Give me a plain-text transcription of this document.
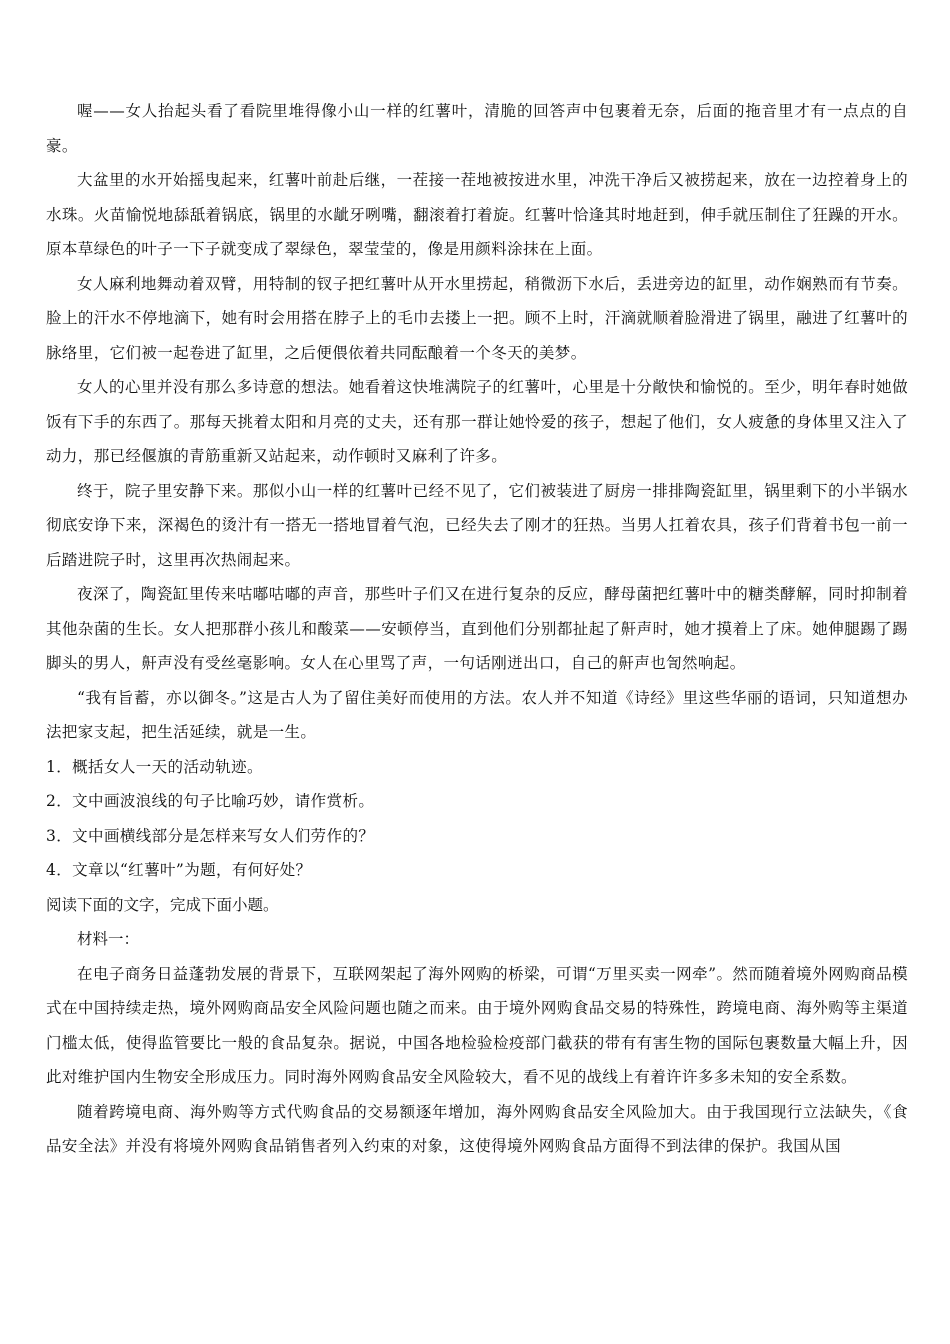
喔——女人抬起头看了看院里堆得像小山一样的红薯叶，清脆的回答声中包裹着无奈，后面的拖音里才有一点点的自豪。

大盆里的水开始摇曳起来，红薯叶前赴后继，一茬接一茬地被按进水里，冲洗干净后又被捞起来，放在一边控着身上的水珠。火苗愉悦地舔舐着锅底，锅里的水龇牙咧嘴，翻滚着打着旋。红薯叶恰逢其时地赶到，伸手就压制住了狂躁的开水。原本草绿色的叶子一下子就变成了翠绿色，翠莹莹的，像是用颜料涂抹在上面。

女人麻利地舞动着双臂，用特制的钗子把红薯叶从开水里捞起，稍微沥下水后，丢进旁边的缸里，动作娴熟而有节奏。脸上的汗水不停地滴下，她有时会用搭在脖子上的毛巾去搂上一把。顾不上时，汗滴就顺着脸滑进了锅里，融进了红薯叶的脉络里，它们被一起卷进了缸里，之后便偎依着共同酝酿着一个冬天的美梦。

女人的心里并没有那么多诗意的想法。她看着这快堆满院子的红薯叶，心里是十分敞快和愉悦的。至少，明年春时她做饭有下手的东西了。那每天挑着太阳和月亮的丈夫，还有那一群让她怜爱的孩子，想起了他们，女人疲惫的身体里又注入了动力，那已经偃旗的青筋重新又站起来，动作顿时又麻利了许多。

终于，院子里安静下来。那似小山一样的红薯叶已经不见了，它们被装进了厨房一排排陶瓷缸里，锅里剩下的小半锅水彻底安诤下来，深褐色的烫汁有一搭无一搭地冒着气泡，已经失去了刚才的狂热。当男人扛着农具，孩子们背着书包一前一后踏进院子时，这里再次热闹起来。

夜深了，陶瓷缸里传来咕嘟咕嘟的声音，那些叶子们又在进行复杂的反应，酵母菌把红薯叶中的糖类酵解，同时抑制着其他杂菌的生长。女人把那群小孩儿和酸菜——安顿停当，直到他们分别都扯起了鼾声时，她才摸着上了床。她伸腿踢了踢脚头的男人，鼾声没有受丝毫影响。女人在心里骂了声，一句话刚迸出口，自己的鼾声也訇然响起。

“我有旨蓄，亦以御冬。”这是古人为了留住美好而使用的方法。农人并不知道《诗经》里这些华丽的语词，只知道想办法把家支起，把生活延续，就是一生。

1．概括女人一天的活动轨迹。

2．文中画波浪线的句子比喻巧妙，请作赏析。

3．文中画横线部分是怎样来写女人们劳作的？

4．文章以“红薯叶”为题，有何好处？

阅读下面的文字，完成下面小题。

材料一：

在电子商务日益蓬勃发展的背景下，互联网架起了海外网购的桥梁，可谓“万里买卖一网牵”。然而随着境外网购商品模式在中国持续走热，境外网购商品安全风险问题也随之而来。由于境外网购食品交易的特殊性，跨境电商、海外购等主渠道门槛太低，使得监管要比一般的食品复杂。据说，中国各地检验检疫部门截获的带有有害生物的国际包裹数量大幅上升，因此对维护国内生物安全形成压力。同时海外网购食品安全风险较大，看不见的战线上有着许许多多未知的安全系数。

随着跨境电商、海外购等方式代购食品的交易额逐年增加，海外网购食品安全风险加大。由于我国现行立法缺失，《食品安全法》并没有将境外网购食品销售者列入约束的对象，这使得境外网购食品方面得不到法律的保护。我国从国
